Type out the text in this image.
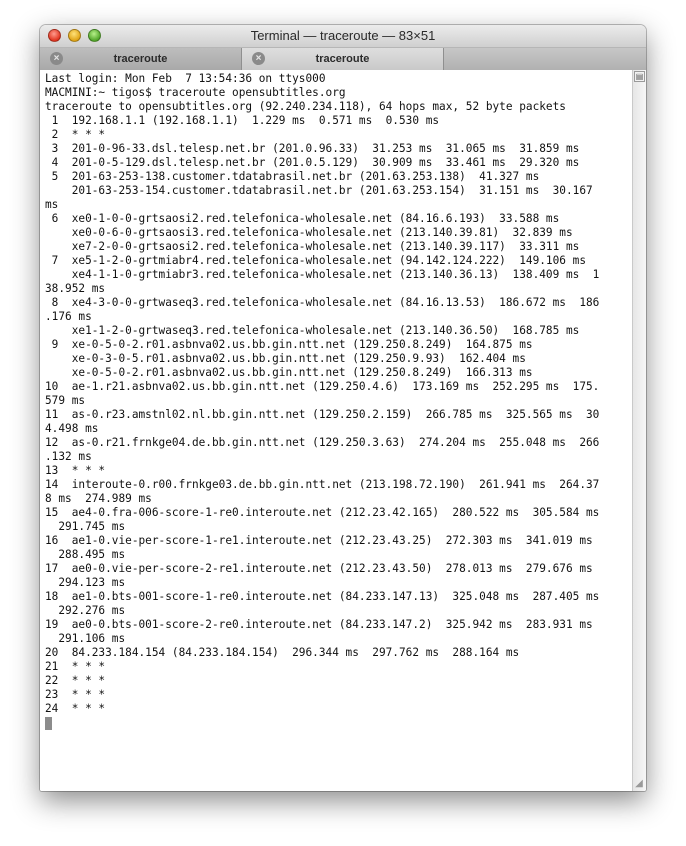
Terminal — traceroute — 83×51
×	traceroute	×	traceroute
Last login: Mon Feb  7 13:54:36 on ttys000
MACMINI:~ tigos$ traceroute opensubtitles.org
traceroute to opensubtitles.org (92.240.234.118), 64 hops max, 52 byte packets
1  192.168.1.1 (192.168.1.1)  1.229 ms  0.571 ms  0.530 ms
2  * * *
3  201-0-96-33.dsl.telesp.net.br (201.0.96.33)  31.253 ms  31.065 ms  31.859 ms
4  201-0-5-129.dsl.telesp.net.br (201.0.5.129)  30.909 ms  33.461 ms  29.320 ms
5  201-63-253-138.customer.tdatabrasil.net.br (201.63.253.138)  41.327 ms
201-63-253-154.customer.tdatabrasil.net.br (201.63.253.154)  31.151 ms  30.167
ms
6  xe0-1-0-0-grtsaosi2.red.telefonica-wholesale.net (84.16.6.193)  33.588 ms
xe0-0-6-0-grtsaosi3.red.telefonica-wholesale.net (213.140.39.81)  32.839 ms
xe7-2-0-0-grtsaosi2.red.telefonica-wholesale.net (213.140.39.117)  33.311 ms
7  xe5-1-2-0-grtmiabr4.red.telefonica-wholesale.net (94.142.124.222)  149.106 ms
xe4-1-1-0-grtmiabr3.red.telefonica-wholesale.net (213.140.36.13)  138.409 ms  1
38.952 ms
8  xe4-3-0-0-grtwaseq3.red.telefonica-wholesale.net (84.16.13.53)  186.672 ms  186
.176 ms
xe1-1-2-0-grtwaseq3.red.telefonica-wholesale.net (213.140.36.50)  168.785 ms
9  xe-0-5-0-2.r01.asbnva02.us.bb.gin.ntt.net (129.250.8.249)  164.875 ms
xe-0-3-0-5.r01.asbnva02.us.bb.gin.ntt.net (129.250.9.93)  162.404 ms
xe-0-5-0-2.r01.asbnva02.us.bb.gin.ntt.net (129.250.8.249)  166.313 ms
10  ae-1.r21.asbnva02.us.bb.gin.ntt.net (129.250.4.6)  173.169 ms  252.295 ms  175.
579 ms
11  as-0.r23.amstnl02.nl.bb.gin.ntt.net (129.250.2.159)  266.785 ms  325.565 ms  30
4.498 ms
12  as-0.r21.frnkge04.de.bb.gin.ntt.net (129.250.3.63)  274.204 ms  255.048 ms  266
.132 ms
13  * * *
14  interoute-0.r00.frnkge03.de.bb.gin.ntt.net (213.198.72.190)  261.941 ms  264.37
8 ms  274.989 ms
15  ae4-0.fra-006-score-1-re0.interoute.net (212.23.42.165)  280.522 ms  305.584 ms
291.745 ms
16  ae1-0.vie-per-score-1-re1.interoute.net (212.23.43.25)  272.303 ms  341.019 ms
288.495 ms
17  ae0-0.vie-per-score-2-re1.interoute.net (212.23.43.50)  278.013 ms  279.676 ms
294.123 ms
18  ae1-0.bts-001-score-1-re0.interoute.net (84.233.147.13)  325.048 ms  287.405 ms
292.276 ms
19  ae0-0.bts-001-score-2-re0.interoute.net (84.233.147.2)  325.942 ms  283.931 ms
291.106 ms
20  84.233.184.154 (84.233.184.154)  296.344 ms  297.762 ms  288.164 ms
21  * * *
22  * * *
23  * * *
24  * * *
▤
◢
